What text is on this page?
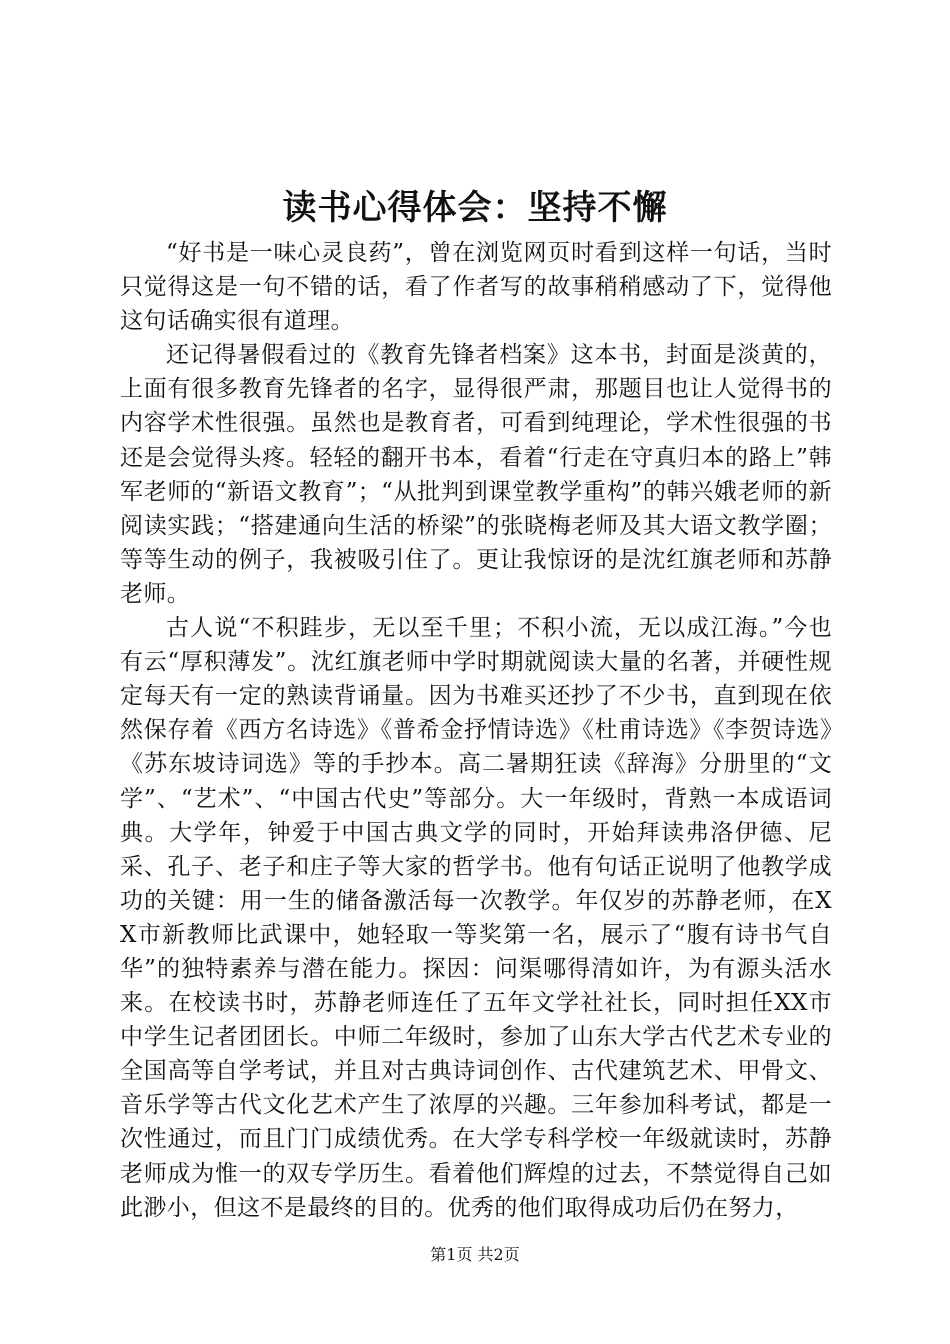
读书心得体会：坚持不懈

“好书是一味心灵良药”，曾在浏览网页时看到这样一句话，当时只觉得这是一句不错的话，看了作者写的故事稍稍感动了下，觉得他这句话确实很有道理。

还记得暑假看过的《教育先锋者档案》这本书，封面是淡黄的，上面有很多教育先锋者的名字，显得很严肃，那题目也让人觉得书的内容学术性很强。虽然也是教育者，可看到纯理论，学术性很强的书还是会觉得头疼。轻轻的翻开书本，看着“行走在守真归本的路上”韩军老师的“新语文教育”；“从批判到课堂教学重构”的韩兴娥老师的新阅读实践；“搭建通向生活的桥梁”的张晓梅老师及其大语文教学圈；等等生动的例子，我被吸引住了。更让我惊讶的是沈红旗老师和苏静老师。

古人说“不积跬步，无以至千里；不积小流，无以成江海。”今也有云“厚积薄发”。沈红旗老师中学时期就阅读大量的名著，并硬性规定每天有一定的熟读背诵量。因为书难买还抄了不少书，直到现在依然保存着《西方名诗选》《普希金抒情诗选》《杜甫诗选》《李贺诗选》《苏东坡诗词选》等的手抄本。高二暑期狂读《辞海》分册里的“文学”、“艺术”、“中国古代史”等部分。大一年级时，背熟一本成语词典。大学年，钟爱于中国古典文学的同时，开始拜读弗洛伊德、尼采、孔子、老子和庄子等大家的哲学书。他有句话正说明了他教学成功的关键：用一生的储备激活每一次教学。年仅岁的苏静老师，在XX市新教师比武课中，她轻取一等奖第一名，展示了“腹有诗书气自华”的独特素养与潜在能力。探因：问渠哪得清如许，为有源头活水来。在校读书时，苏静老师连任了五年文学社社长，同时担任XX市中学生记者团团长。中师二年级时，参加了山东大学古代艺术专业的全国高等自学考试，并且对古典诗词创作、古代建筑艺术、甲骨文、音乐学等古代文化艺术产生了浓厚的兴趣。三年参加科考试，都是一次性通过，而且门门成绩优秀。在大学专科学校一年级就读时，苏静老师成为惟一的双专学历生。看着他们辉煌的过去，不禁觉得自己如此渺小，但这不是最终的目的。优秀的他们取得成功后仍在努力，

第1页 共2页
